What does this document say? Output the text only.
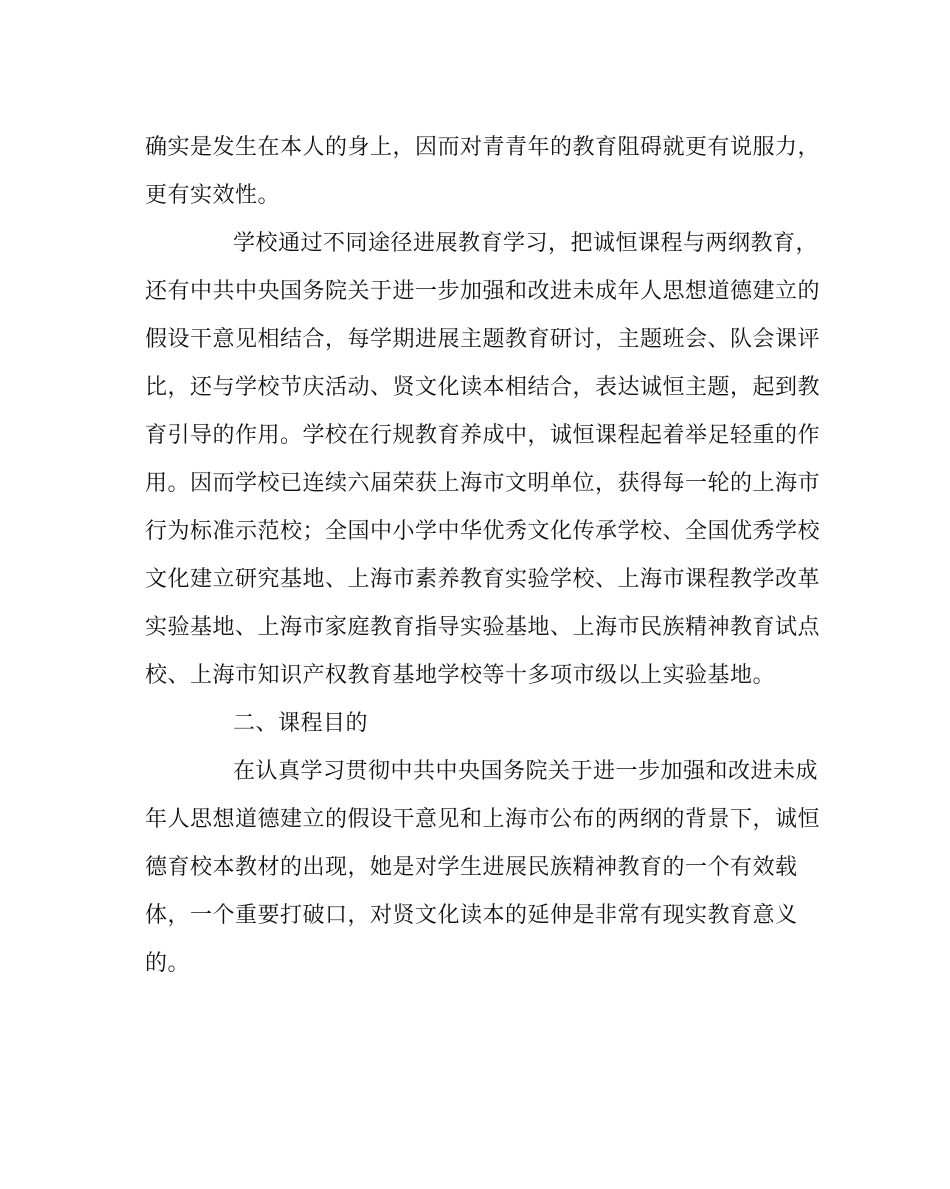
确实是发生在本人的身上，因而对青青年的教育阻碍就更有说服力，
更有实效性。
学校通过不同途径进展教育学习，把诚恒课程与两纲教育，
还有中共中央国务院关于进一步加强和改进未成年人思想道德建立的
假设干意见相结合，每学期进展主题教育研讨，主题班会、队会课评
比，还与学校节庆活动、贤文化读本相结合，表达诚恒主题，起到教
育引导的作用。学校在行规教育养成中，诚恒课程起着举足轻重的作
用。因而学校已连续六届荣获上海市文明单位，获得每一轮的上海市
行为标准示范校；全国中小学中华优秀文化传承学校、全国优秀学校
文化建立研究基地、上海市素养教育实验学校、上海市课程教学改革
实验基地、上海市家庭教育指导实验基地、上海市民族精神教育试点
校、上海市知识产权教育基地学校等十多项市级以上实验基地。
二、课程目的
在认真学习贯彻中共中央国务院关于进一步加强和改进未成
年人思想道德建立的假设干意见和上海市公布的两纲的背景下，诚恒
德育校本教材的出现，她是对学生进展民族精神教育的一个有效载
体，一个重要打破口，对贤文化读本的延伸是非常有现实教育意义
的。
